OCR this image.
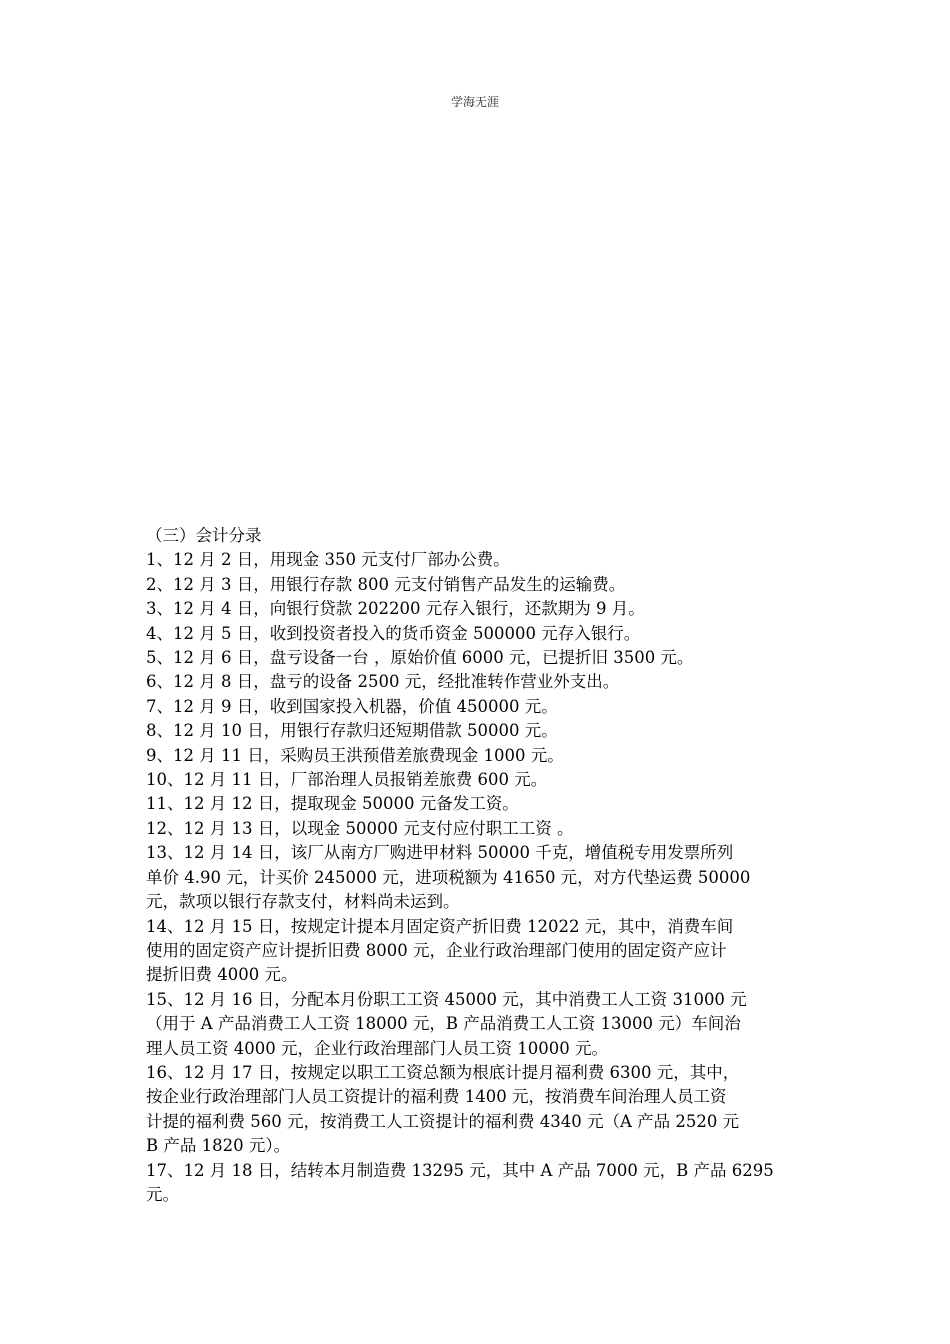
学海无涯

（三）会计分录

1、12 月 2 日，用现金 350 元支付厂部办公费。

2、12 月 3 日，用银行存款 800 元支付销售产品发生的运输费。

3、12 月 4 日，向银行贷款 202200 元存入银行，还款期为 9 月。

4、12 月 5 日，收到投资者投入的货币资金 500000 元存入银行。

5、12 月 6 日，盘亏设备一台 ，原始价值 6000 元，已提折旧 3500 元。

6、12 月 8 日，盘亏的设备 2500 元，经批准转作营业外支出。

7、12 月 9 日，收到国家投入机器，价值 450000 元。

8、12 月 10 日，用银行存款归还短期借款 50000 元。

9、12 月 11 日，采购员王洪预借差旅费现金 1000 元。

10、12 月 11 日，厂部治理人员报销差旅费 600 元。

11、12 月 12 日，提取现金 50000 元备发工资。

12、12 月 13 日，以现金 50000 元支付应付职工工资 。

13、12 月 14 日，该厂从南方厂购进甲材料 50000 千克，增值税专用发票所列

单价 4.90 元，计买价 245000 元，进项税额为 41650 元，对方代垫运费 50000

元，款项以银行存款支付，材料尚未运到。

14、12 月 15 日，按规定计提本月固定资产折旧费 12022 元，其中，消费车间

使用的固定资产应计提折旧费 8000 元，企业行政治理部门使用的固定资产应计

提折旧费 4000 元。

15、12 月 16 日，分配本月份职工工资 45000 元，其中消费工人工资 31000 元

（用于 A 产品消费工人工资 18000 元，B 产品消费工人工资 13000 元）车间治

理人员工资 4000 元，企业行政治理部门人员工资 10000 元。

16、12 月 17 日，按规定以职工工资总额为根底计提月福利费 6300 元，其中，

按企业行政治理部门人员工资提计的福利费 1400 元，按消费车间治理人员工资

计提的福利费 560 元，按消费工人工资提计的福利费 4340 元（A 产品 2520 元

B 产品 1820 元）。

17、12 月 18 日，结转本月制造费 13295 元，其中 A 产品 7000 元，B 产品 6295

元。
